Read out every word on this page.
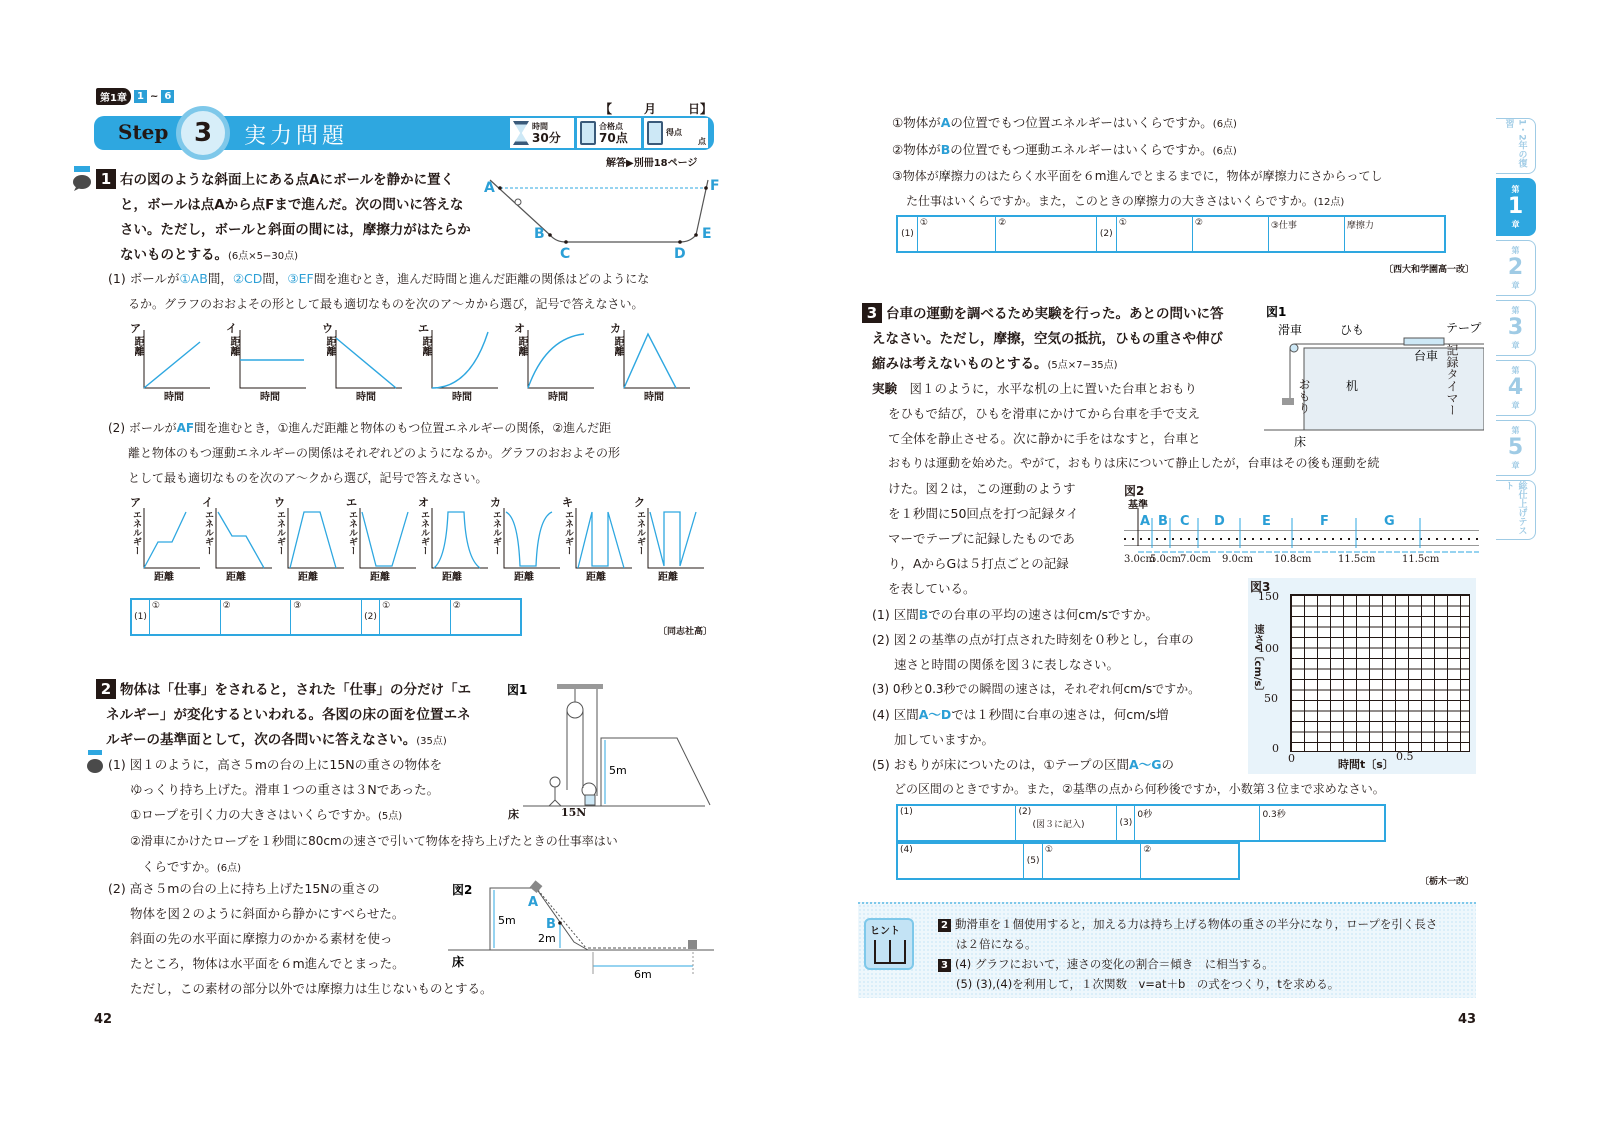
第1章	1 ~ 6
【	月	日】
Step 3 実力問題	時間
30分
合格点
70点	得点
点
解答▶別冊18ページ
1 右の図のような斜面上にある点Aにボールを静かに置く
と，ボールは点Aから点Fまで進んだ。次の問いに答えな
さい。ただし，ボールと斜面の間には，摩擦力がはたらか
ないものとする。(6点×5−30点)
A
B
C	D
E
F
(1) ボールが①AB間，②CD間，③EF間を進むとき，進んだ時間と進んだ距離の関係はどのようにな
るか。グラフのおおよその形として最も適切なものを次のア〜カから選び，記号で答えなさい。
ア
距離
時間
イ
距離
時間
ウ
距離
時間
エ
距離
時間
オ
距離
時間
カ
距離
時間
(2) ボールがAF間を進むとき，①進んだ距離と物体のもつ位置エネルギーの関係，②進んだ距
離と物体のもつ運動エネルギーの関係はそれぞれどのようになるか。グラフのおおよその形
として最も適切なものを次のア〜クから選び，記号で答えなさい。
ア
エネルギー
距離
イ
エネルギー
距離
ウ
エネルギー
距離
エ
エネルギー
距離
オ
エネルギー
距離
カ
エネルギー
距離
キ
エネルギー
距離
ク
エネルギー
距離
(1)	①	②	③	(2)	①	②
〔同志社高〕
2 物体は「仕事」をされると，された「仕事」の分だけ「エ
ネルギー」が変化するといわれる。各図の床の面を位置エネ
ルギーの基準面として，次の各問いに答えなさい。(35点)
図1
5m
床	15N
(1) 図１のように，高さ５mの台の上に15Nの重さの物体を
ゆっくり持ち上げた。滑車１つの重さは３Nであった。
①ロープを引く力の大きさはいくらですか。(5点)
②滑車にかけたロープを１秒間に80cmの速さで引いて物体を持ち上げたときの仕事率はい
くらですか。(6点)
(2) 高さ５mの台の上に持ち上げた15Nの重さの
物体を図２のように斜面から静かにすべらせた。
斜面の先の水平面に摩擦力のかかる素材を使っ
たところ，物体は水平面を６m進んでとまった。
ただし，この素材の部分以外では摩擦力は生じないものとする。
図2
A
B
5m
2m
床
6m
42
①物体がAの位置でもつ位置エネルギーはいくらですか。(6点)
②物体がBの位置でもつ運動エネルギーはいくらですか。(6点)
③物体が摩擦力のはたらく水平面を６m進んでとまるまでに，物体が摩擦力にさからってし
た仕事はいくらですか。また，このときの摩擦力の大きさはいくらですか。(12点)
(1)	①	②	(2)	①	②	③仕事	摩擦力
〔西大和学園高一改〕
3 台車の運動を調べるため実験を行った。あとの問いに答
えなさい。ただし，摩擦，空気の抵抗，ひもの重さや伸び
縮みは考えないものとする。(5点×7−35点)
実験　 図１のように，水平な机の上に置いた台車とおもり
をひもで結び，ひもを滑車にかけてから台車を手で支え
て全体を静止させる。次に静かに手をはなすと，台車と
おもりは運動を始めた。やがて，おもりは床について静止したが，台車はその後も運動を続
けた。図２は，この運動のようす
を１秒間に50回点を打つ記録タイ
マーでテープに記録したものであ
り，AからGは５打点ごとの記録
を表している。
図1
滑車	ひも	テープ
台車
机
床
おもり	記録タイマー
図2
基準
A B C D	E	F	G
3.0cm
5.0cm 7.0cm	9.0cm	10.8cm	11.5cm	11.5cm
図3
150
100
50
0
0	0.5
速さv〔cm/s〕
時間t〔s〕
(1) 区間Bでの台車の平均の速さは何cm/sですか。
(2) 図２の基準の点が打点された時刻を０秒とし，台車の
速さと時間の関係を図３に表しなさい。
(3) 0秒と0.3秒での瞬間の速さは，それぞれ何cm/sですか。
(4) 区間A〜Dでは１秒間に台車の速さは，何cm/s増
加していますか。
(5) おもりが床についたのは，①テープの区間A〜Gの
どの区間のときですか。また，②基準の点から何秒後ですか，小数第３位まで求めなさい。
(1)	(2)
(図３に記入)	(3)	0秒	0.3秒
(4)	(5)	①	②
〔栃木一改〕
ヒント
2 動滑車を１個使用すると，加える力は持ち上げる物体の重さの半分になり，ロープを引く長さ
は２倍になる。
3 (4) グラフにおいて，速さの変化の割合＝傾き　に相当する。
(5) (3),(4)を利用して，１次関数　v=at＋b　の式をつくり，tを求める。
43
1・2年の復習
第
1
章
第
2
章
第
3
章
第
4
章
第
5
章
総仕上げテスト
